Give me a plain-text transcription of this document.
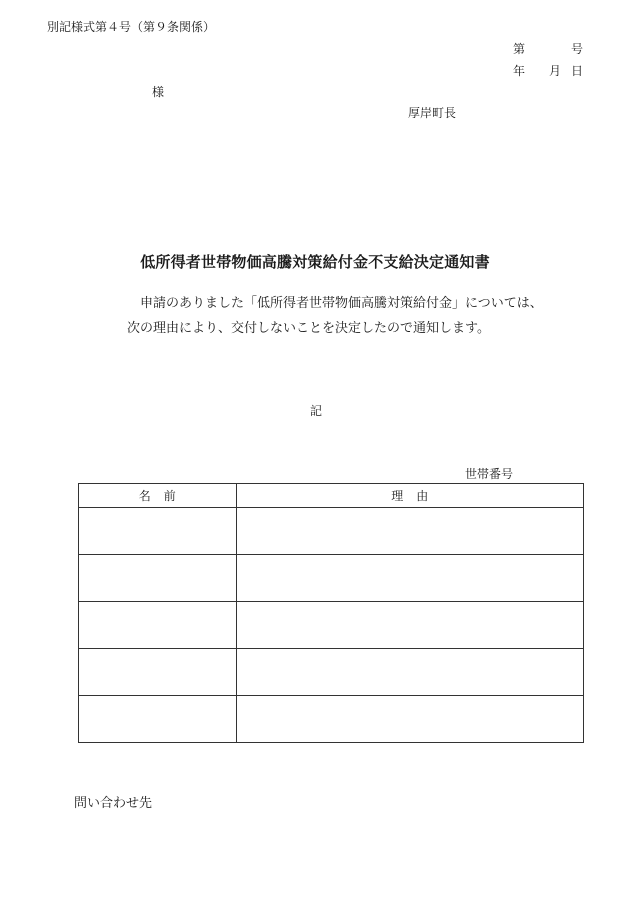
別記様式第４号（第９条関係）
第	号
年 月 日
様
厚岸町長
低所得者世帯物価高騰対策給付金不支給決定通知書
申請のありました「低所得者世帯物価高騰対策給付金」については、
次の理由により、交付しないことを決定したので通知します。
記
世帯番号
名　前	理　由

問い合わせ先
